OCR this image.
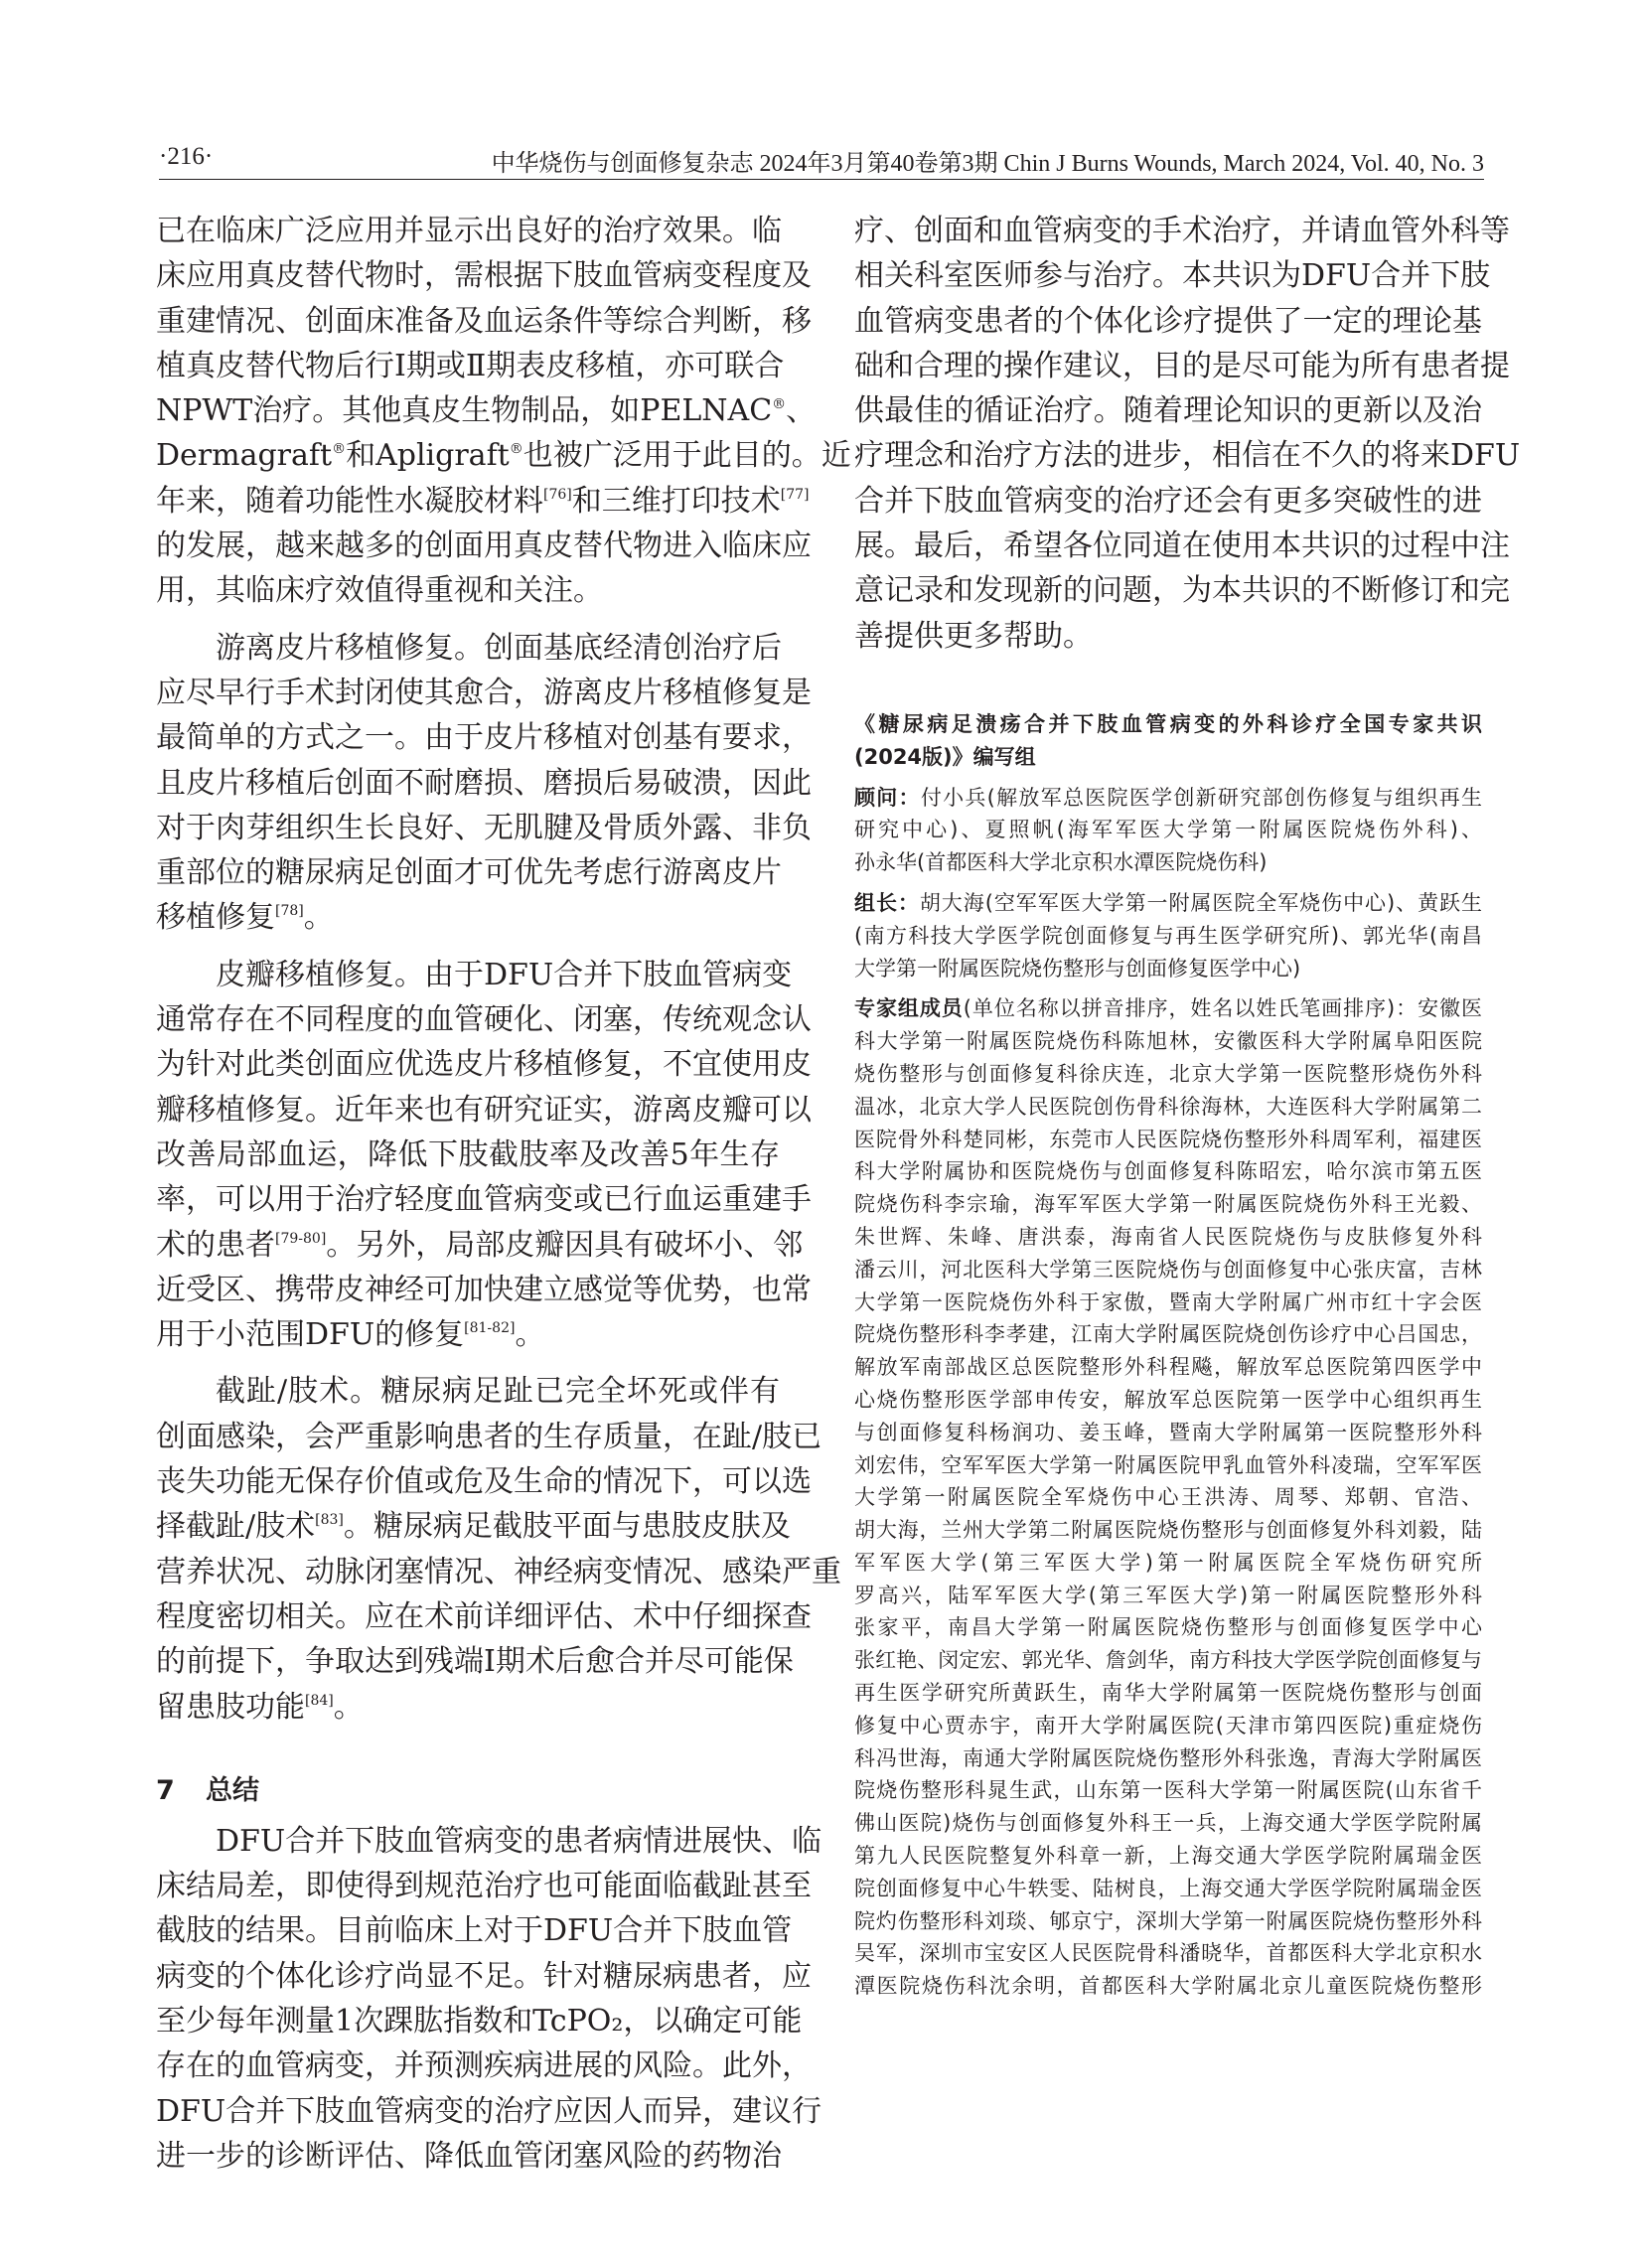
·216·	中华烧伤与创面修复杂志 2024年3月第40卷第3期 Chin J Burns Wounds, March 2024, Vol. 40, No. 3
已在临床广泛应用并显示出良好的治疗效果。临
床应用真皮替代物时，需根据下肢血管病变程度及
重建情况、创面床准备及血运条件等综合判断，移
植真皮替代物后行Ⅰ期或Ⅱ期表皮移植，亦可联合
NPWT治疗。其他真皮生物制品，如PELNAC®、
Dermagraft®和Apligraft®也被广泛用于此目的。近
年来，随着功能性水凝胶材料[76]和三维打印技术[77]
的发展，越来越多的创面用真皮替代物进入临床应
用，其临床疗效值得重视和关注。
游离皮片移植修复。创面基底经清创治疗后
应尽早行手术封闭使其愈合，游离皮片移植修复是
最简单的方式之一。由于皮片移植对创基有要求，
且皮片移植后创面不耐磨损、磨损后易破溃，因此
对于肉芽组织生长良好、无肌腱及骨质外露、非负
重部位的糖尿病足创面才可优先考虑行游离皮片
移植修复[78]。
皮瓣移植修复。由于DFU合并下肢血管病变
通常存在不同程度的血管硬化、闭塞，传统观念认
为针对此类创面应优选皮片移植修复，不宜使用皮
瓣移植修复。近年来也有研究证实，游离皮瓣可以
改善局部血运，降低下肢截肢率及改善5年生存
率，可以用于治疗轻度血管病变或已行血运重建手
术的患者[79-80]。另外，局部皮瓣因具有破坏小、邻
近受区、携带皮神经可加快建立感觉等优势，也常
用于小范围DFU的修复[81-82]。
截趾/肢术。糖尿病足趾已完全坏死或伴有
创面感染，会严重影响患者的生存质量，在趾/肢已
丧失功能无保存价值或危及生命的情况下，可以选
择截趾/肢术[83]。糖尿病足截肢平面与患肢皮肤及
营养状况、动脉闭塞情况、神经病变情况、感染严重
程度密切相关。应在术前详细评估、术中仔细探查
的前提下，争取达到残端Ⅰ期术后愈合并尽可能保
留患肢功能[84]。
7 总结
DFU合并下肢血管病变的患者病情进展快、临
床结局差，即使得到规范治疗也可能面临截趾甚至
截肢的结果。目前临床上对于DFU合并下肢血管
病变的个体化诊疗尚显不足。针对糖尿病患者，应
至少每年测量1次踝肱指数和TcPO₂，以确定可能
存在的血管病变，并预测疾病进展的风险。此外，
DFU合并下肢血管病变的治疗应因人而异，建议行
进一步的诊断评估、降低血管闭塞风险的药物治
疗、创面和血管病变的手术治疗，并请血管外科等
相关科室医师参与治疗。本共识为DFU合并下肢
血管病变患者的个体化诊疗提供了一定的理论基
础和合理的操作建议，目的是尽可能为所有患者提
供最佳的循证治疗。随着理论知识的更新以及治
疗理念和治疗方法的进步，相信在不久的将来DFU
合并下肢血管病变的治疗还会有更多突破性的进
展。最后，希望各位同道在使用本共识的过程中注
意记录和发现新的问题，为本共识的不断修订和完
善提供更多帮助。
《糖尿病足溃疡合并下肢血管病变的外科诊疗全国专家共识
(2024版)》编写组
顾问：付小兵(解放军总医院医学创新研究部创伤修复与组织再生
研究中心)、夏照帆(海军军医大学第一附属医院烧伤外科)、
孙永华(首都医科大学北京积水潭医院烧伤科)
组长：胡大海(空军军医大学第一附属医院全军烧伤中心)、黄跃生
(南方科技大学医学院创面修复与再生医学研究所)、郭光华(南昌
大学第一附属医院烧伤整形与创面修复医学中心)
专家组成员(单位名称以拼音排序，姓名以姓氏笔画排序)：安徽医
科大学第一附属医院烧伤科陈旭林，安徽医科大学附属阜阳医院
烧伤整形与创面修复科徐庆连，北京大学第一医院整形烧伤外科
温冰，北京大学人民医院创伤骨科徐海林，大连医科大学附属第二
医院骨外科楚同彬，东莞市人民医院烧伤整形外科周军利，福建医
科大学附属协和医院烧伤与创面修复科陈昭宏，哈尔滨市第五医
院烧伤科李宗瑜，海军军医大学第一附属医院烧伤外科王光毅、
朱世辉、朱峰、唐洪泰，海南省人民医院烧伤与皮肤修复外科
潘云川，河北医科大学第三医院烧伤与创面修复中心张庆富，吉林
大学第一医院烧伤外科于家傲，暨南大学附属广州市红十字会医
院烧伤整形科李孝建，江南大学附属医院烧创伤诊疗中心吕国忠，
解放军南部战区总医院整形外科程飚，解放军总医院第四医学中
心烧伤整形医学部申传安，解放军总医院第一医学中心组织再生
与创面修复科杨润功、姜玉峰，暨南大学附属第一医院整形外科
刘宏伟，空军军医大学第一附属医院甲乳血管外科凌瑞，空军军医
大学第一附属医院全军烧伤中心王洪涛、周琴、郑朝、官浩、
胡大海，兰州大学第二附属医院烧伤整形与创面修复外科刘毅，陆
军军医大学(第三军医大学)第一附属医院全军烧伤研究所
罗高兴，陆军军医大学(第三军医大学)第一附属医院整形外科
张家平，南昌大学第一附属医院烧伤整形与创面修复医学中心
张红艳、闵定宏、郭光华、詹剑华，南方科技大学医学院创面修复与
再生医学研究所黄跃生，南华大学附属第一医院烧伤整形与创面
修复中心贾赤宇，南开大学附属医院(天津市第四医院)重症烧伤
科冯世海，南通大学附属医院烧伤整形外科张逸，青海大学附属医
院烧伤整形科晁生武，山东第一医科大学第一附属医院(山东省千
佛山医院)烧伤与创面修复外科王一兵，上海交通大学医学院附属
第九人民医院整复外科章一新，上海交通大学医学院附属瑞金医
院创面修复中心牛轶雯、陆树良，上海交通大学医学院附属瑞金医
院灼伤整形科刘琰、郇京宁，深圳大学第一附属医院烧伤整形外科
吴军，深圳市宝安区人民医院骨科潘晓华，首都医科大学北京积水
潭医院烧伤科沈余明，首都医科大学附属北京儿童医院烧伤整形
